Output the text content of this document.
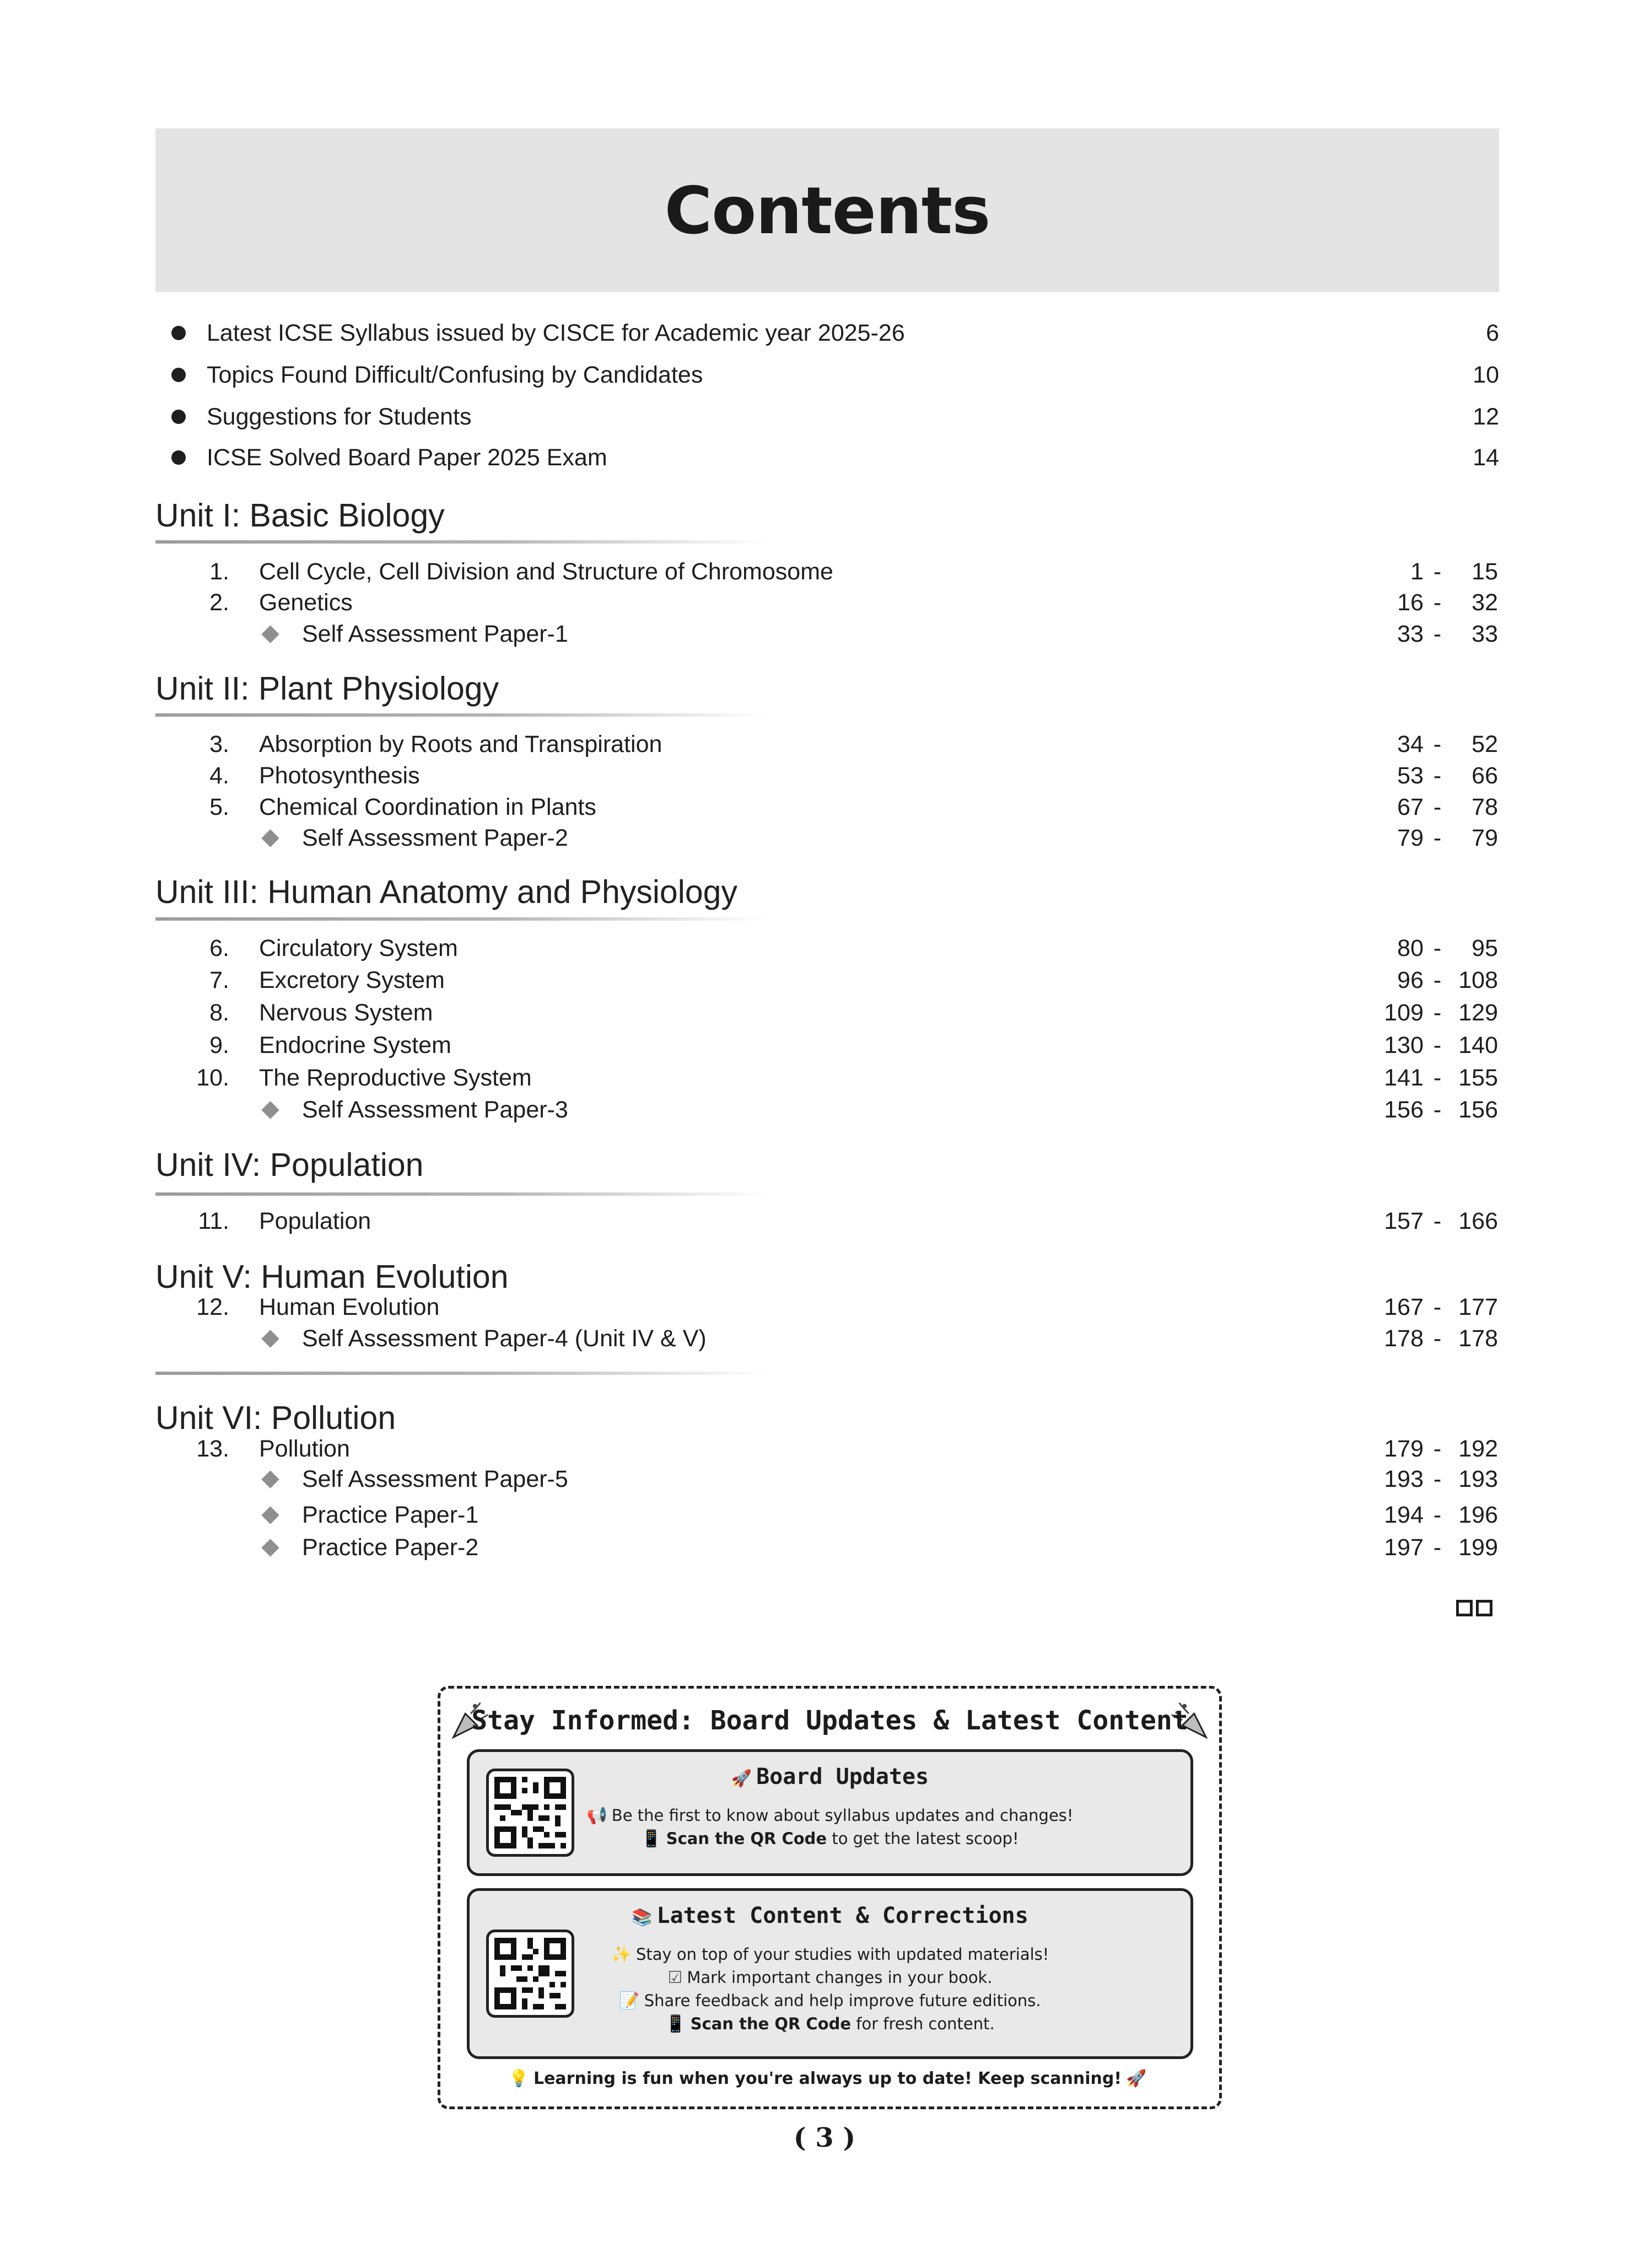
Contents
Latest ICSE Syllabus issued by CISCE for Academic year 2025-26	6
Topics Found Difficult/Confusing by Candidates	10
Suggestions for Students	12
ICSE Solved Board Paper 2025 Exam	14
Unit I: Basic Biology
1. Cell Cycle, Cell Division and Structure of Chromosome	1 -	15
2. Genetics	16 -	32
Self Assessment Paper-1	33 -	33
Unit II: Plant Physiology
3. Absorption by Roots and Transpiration	34 -	52
4. Photosynthesis	53 -	66
5. Chemical Coordination in Plants	67 -	78
Self Assessment Paper-2	79 -	79
Unit III: Human Anatomy and Physiology
6. Circulatory System	80 -	95
7. Excretory System	96 - 108
8. Nervous System	109 - 129
9. Endocrine System	130 - 140
10. The Reproductive System	141 - 155
Self Assessment Paper-3	156 - 156
Unit IV: Population
11. Population	157 - 166
Unit V: Human Evolution
12. Human Evolution	167 - 177
Self Assessment Paper-4 (Unit IV & V)	178 - 178
Unit VI: Pollution
13. Pollution	179 - 192
Self Assessment Paper-5	193 - 193
Practice Paper-1	194 - 196
Practice Paper-2	197 - 199
Stay Informed: Board Updates & Latest Content
🚀 Board Updates
📢 Be the first to know about syllabus updates and changes!
📱 Scan the QR Code to get the latest scoop!
📚 Latest Content & Corrections
✨ Stay on top of your studies with updated materials!
☑ Mark important changes in your book.
📝 Share feedback and help improve future editions.
📱 Scan the QR Code for fresh content.
💡 Learning is fun when you're always up to date! Keep scanning! 🚀
( 3 )
